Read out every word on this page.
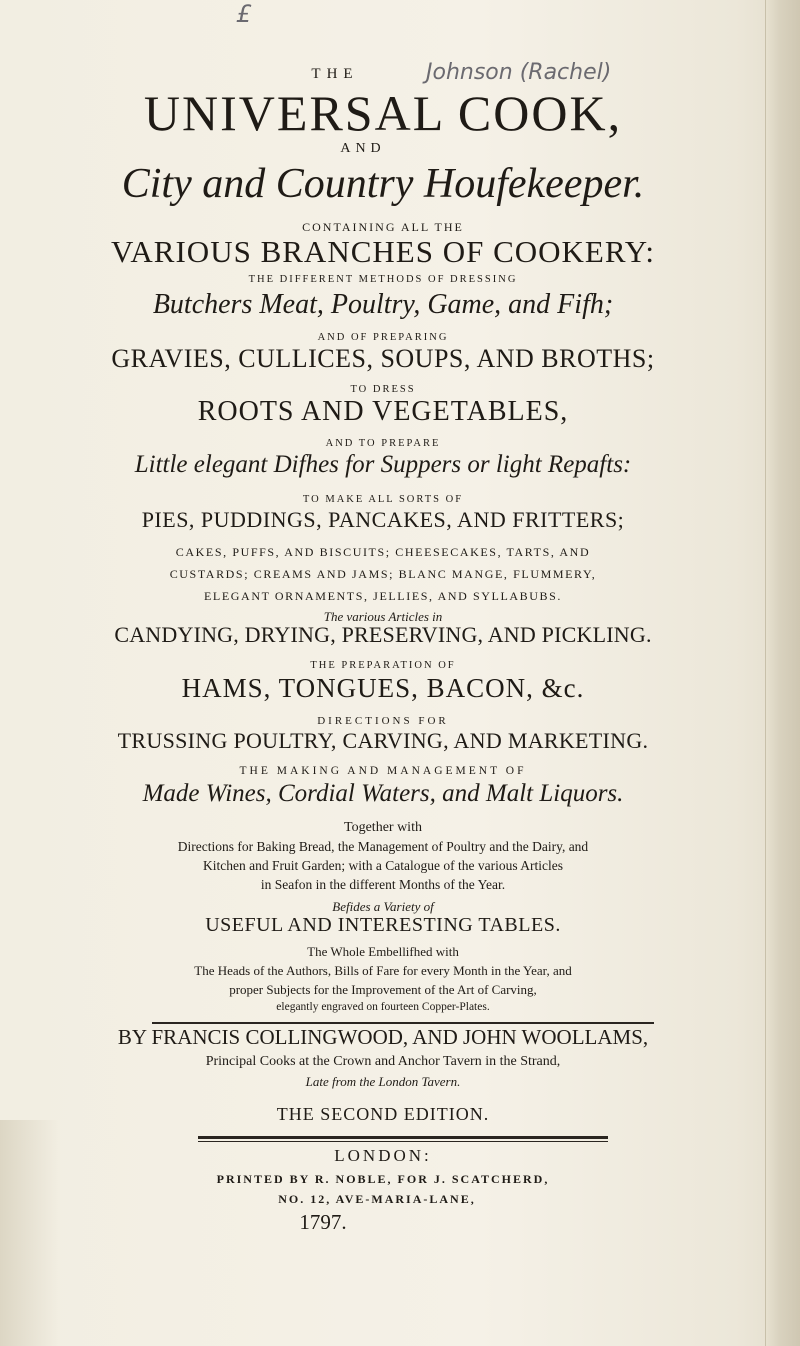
£
Johnson (Rachel)
THE
UNIVERSAL COOK,
AND
City and Country Houfekeeper.
CONTAINING ALL THE
VARIOUS BRANCHES OF COOKERY:
THE DIFFERENT METHODS OF DRESSING
Butchers Meat, Poultry, Game, and Fifh;
AND OF PREPARING
GRAVIES, CULLICES, SOUPS, AND BROTHS;
TO DRESS
ROOTS AND VEGETABLES,
AND TO PREPARE
Little elegant Difhes for Suppers or light Repafts:
TO MAKE ALL SORTS OF
PIES, PUDDINGS, PANCAKES, AND FRITTERS;
CAKES, PUFFS, AND BISCUITS; CHEESECAKES, TARTS, AND
CUSTARDS; CREAMS AND JAMS; BLANC MANGE, FLUMMERY,
ELEGANT ORNAMENTS, JELLIES, AND SYLLABUBS.
The various Articles in
CANDYING, DRYING, PRESERVING, AND PICKLING.
THE PREPARATION OF
HAMS, TONGUES, BACON, &c.
DIRECTIONS FOR
TRUSSING POULTRY, CARVING, AND MARKETING.
THE MAKING AND MANAGEMENT OF
Made Wines, Cordial Waters, and Malt Liquors.
Together with
Directions for Baking Bread, the Management of Poultry and the Dairy, and
Kitchen and Fruit Garden; with a Catalogue of the various Articles
in Seafon in the different Months of the Year.
Befides a Variety of
USEFUL AND INTERESTING TABLES.
The Whole Embellifhed with
The Heads of the Authors, Bills of Fare for every Month in the Year, and
proper Subjects for the Improvement of the Art of Carving,
elegantly engraved on fourteen Copper-Plates.
BY FRANCIS COLLINGWOOD, AND JOHN WOOLLAMS,
Principal Cooks at the Crown and Anchor Tavern in the Strand,
Late from the London Tavern.
THE SECOND EDITION.
LONDON:
PRINTED BY R. NOBLE, FOR J. SCATCHERD,
NO. 12, AVE-MARIA-LANE,
1797.
